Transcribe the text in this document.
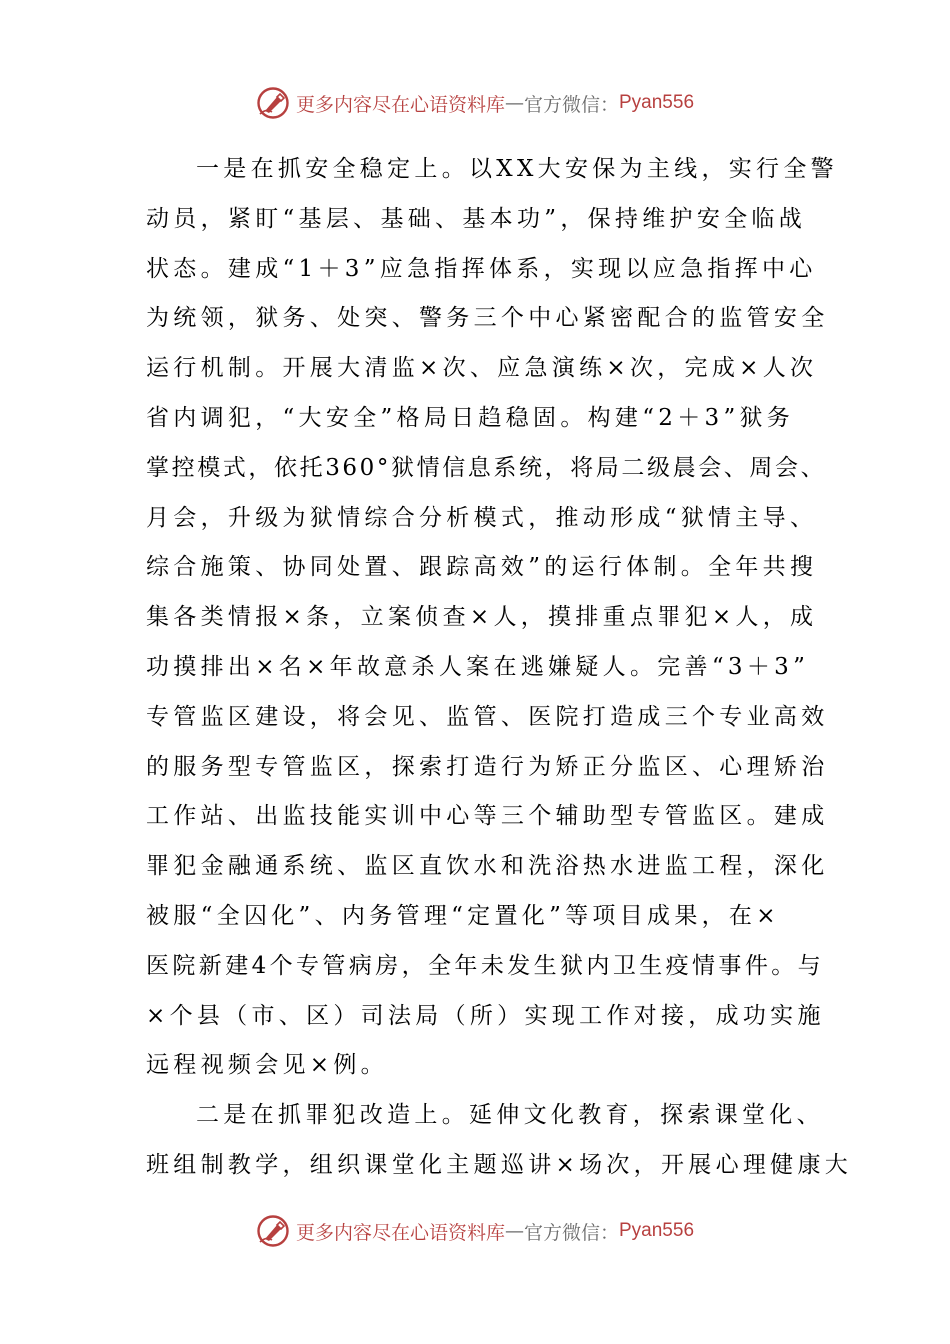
更多内容尽在心语资料库 — 官方微信： Pyan556
一是在抓安全稳定上。以XX大安保为主线，实行全警
动员，紧盯“基层、基础、基本功”，保持维护安全临战
状态。建成“1＋3”应急指挥体系，实现以应急指挥中心
为统领，狱务、处突、警务三个中心紧密配合的监管安全
运行机制。开展大清监×次、应急演练×次，完成×人次
省内调犯，“大安全”格局日趋稳固。构建“2＋3”狱务
掌控模式，依托360°狱情信息系统，将局二级晨会、周会、
月会，升级为狱情综合分析模式，推动形成“狱情主导、
综合施策、协同处置、跟踪高效”的运行体制。全年共搜
集各类情报×条，立案侦查×人，摸排重点罪犯×人，成
功摸排出×名×年故意杀人案在逃嫌疑人。完善“3＋3”
专管监区建设，将会见、监管、医院打造成三个专业高效
的服务型专管监区，探索打造行为矫正分监区、心理矫治
工作站、出监技能实训中心等三个辅助型专管监区。建成
罪犯金融通系统、监区直饮水和洗浴热水进监工程，深化
被服“全囚化”、内务管理“定置化”等项目成果，在×
医院新建4个专管病房，全年未发生狱内卫生疫情事件。与
×个县（市、区）司法局（所）实现工作对接，成功实施
远程视频会见×例。
二是在抓罪犯改造上。延伸文化教育，探索课堂化、
班组制教学，组织课堂化主题巡讲×场次，开展心理健康大
更多内容尽在心语资料库 — 官方微信： Pyan556
